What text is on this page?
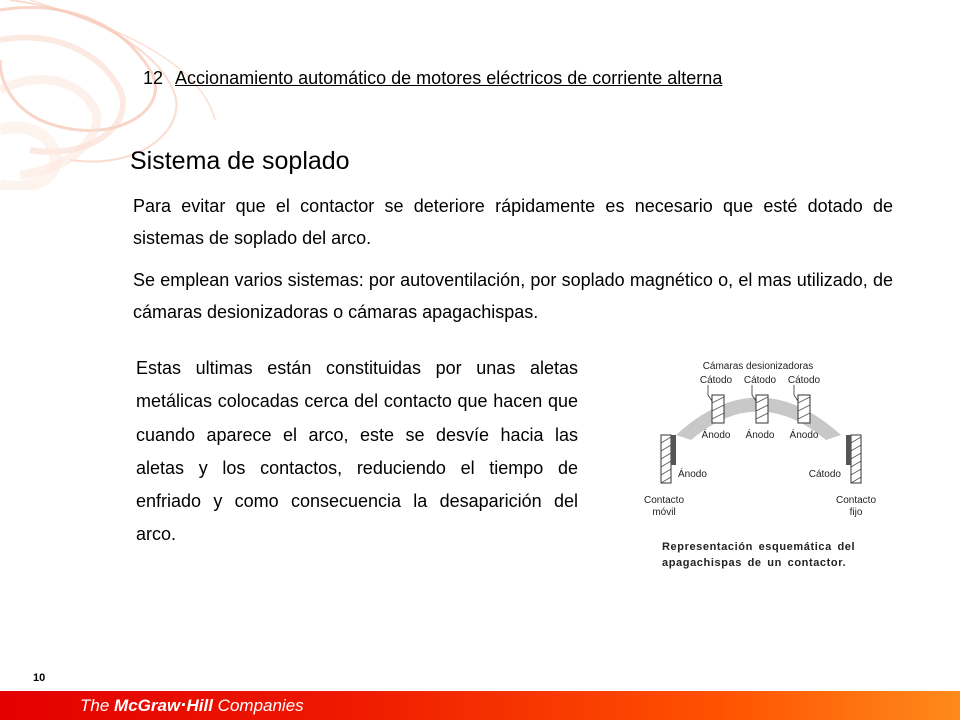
12 Accionamiento automático de motores eléctricos de corriente alterna
Sistema de soplado

Para evitar que el contactor se deteriore rápidamente es necesario que esté dotado de sistemas de soplado del arco.

Se emplean varios sistemas: por autoventilación, por soplado magnético o, el mas utilizado, de cámaras desionizadoras o cámaras apagachispas.

Estas ultimas están constituidas por unas aletas metálicas colocadas cerca del contacto que hacen que cuando aparece el arco, este se desvíe hacia las aletas y los contactos, reduciendo el tiempo de enfriado y como consecuencia la desaparición del arco.

Cámaras desionizadoras
Cátodo Cátodo Cátodo
Ánodo Ánodo Ánodo
Ánodo	Cátodo
Contacto
móvil
Contacto
fijo

Representación esquemática del apagachispas de un contactor.

10
The McGraw·Hill Companies
